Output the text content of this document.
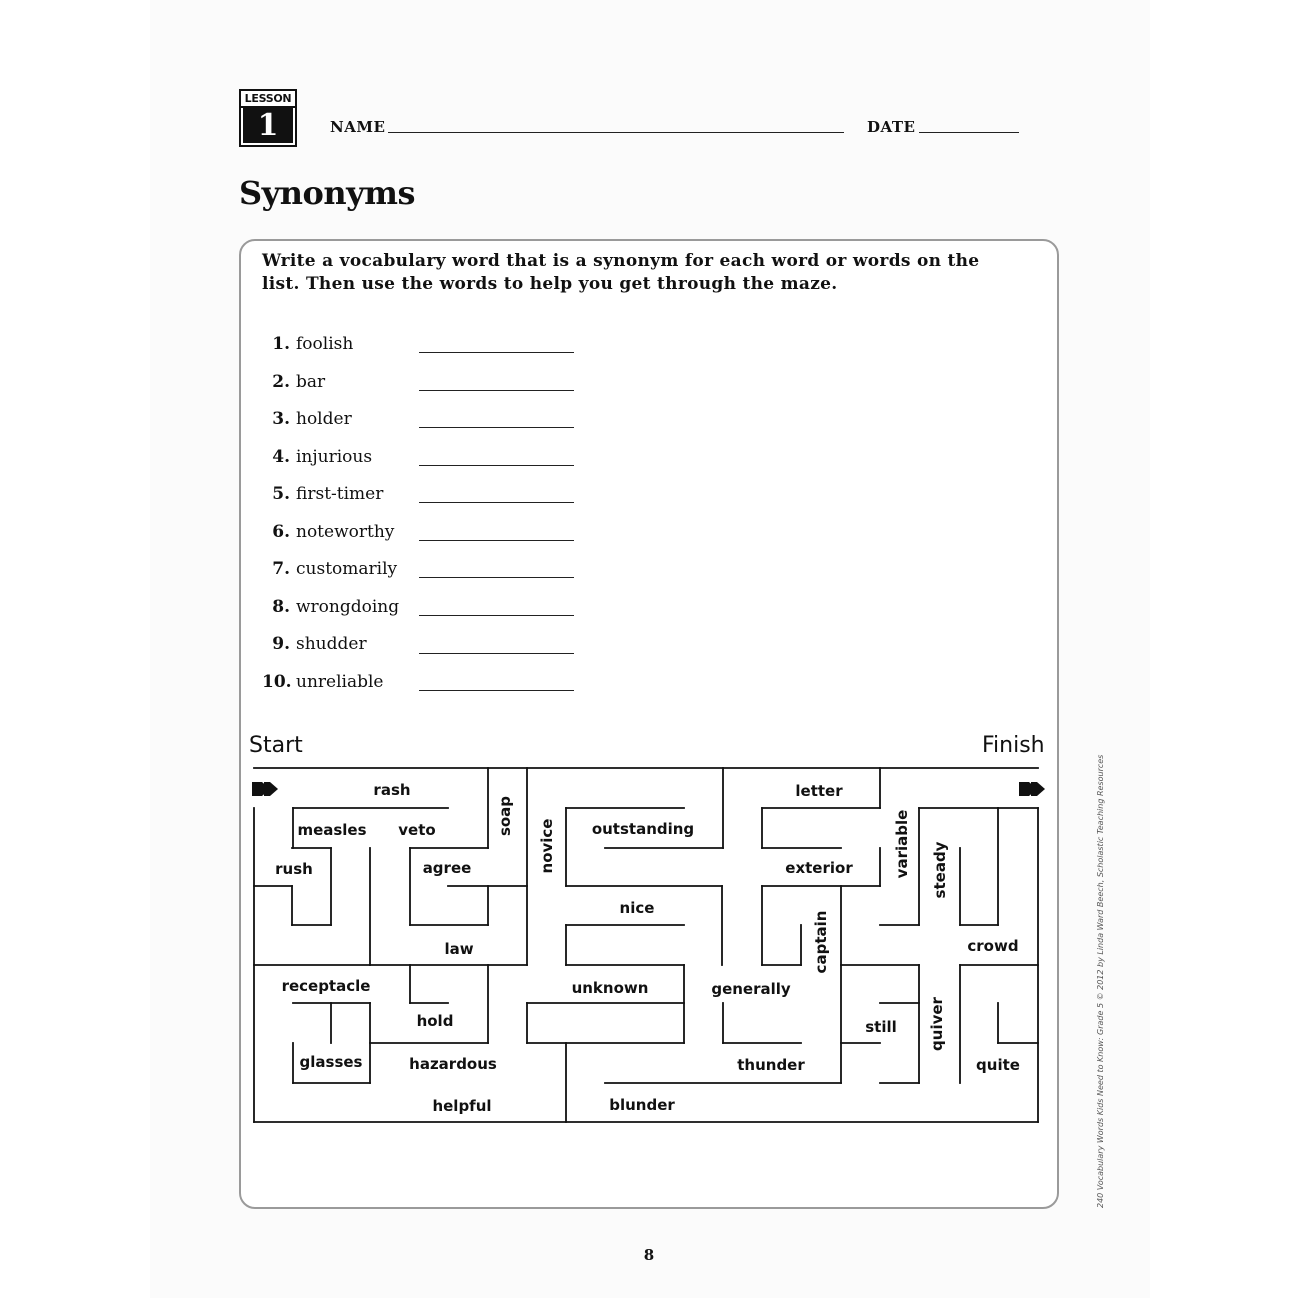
LESSON
1	NAME	DATE
Synonyms
Write a vocabulary word that is a synonym for each word or words on the list. Then use the words to help you get through the maze.
1. foolish
2. bar
3. holder
4. injurious
5. first-timer
6. noteworthy
7. customarily
8. wrongdoing
9. shudder
10. unreliable
Start	Finish
rash
soap
letter
measles veto	novice outstanding	variable
rush	agree	exterior	steady
nice
captain
law	crowd
receptacle	unknown	generally
hold	still quiver
glasses	hazardous	thunder	quite
helpful	blunder
8
240 Vocabulary Words Kids Need to Know: Grade 5 © 2012 by Linda Ward Beech, Scholastic Teaching Resources
